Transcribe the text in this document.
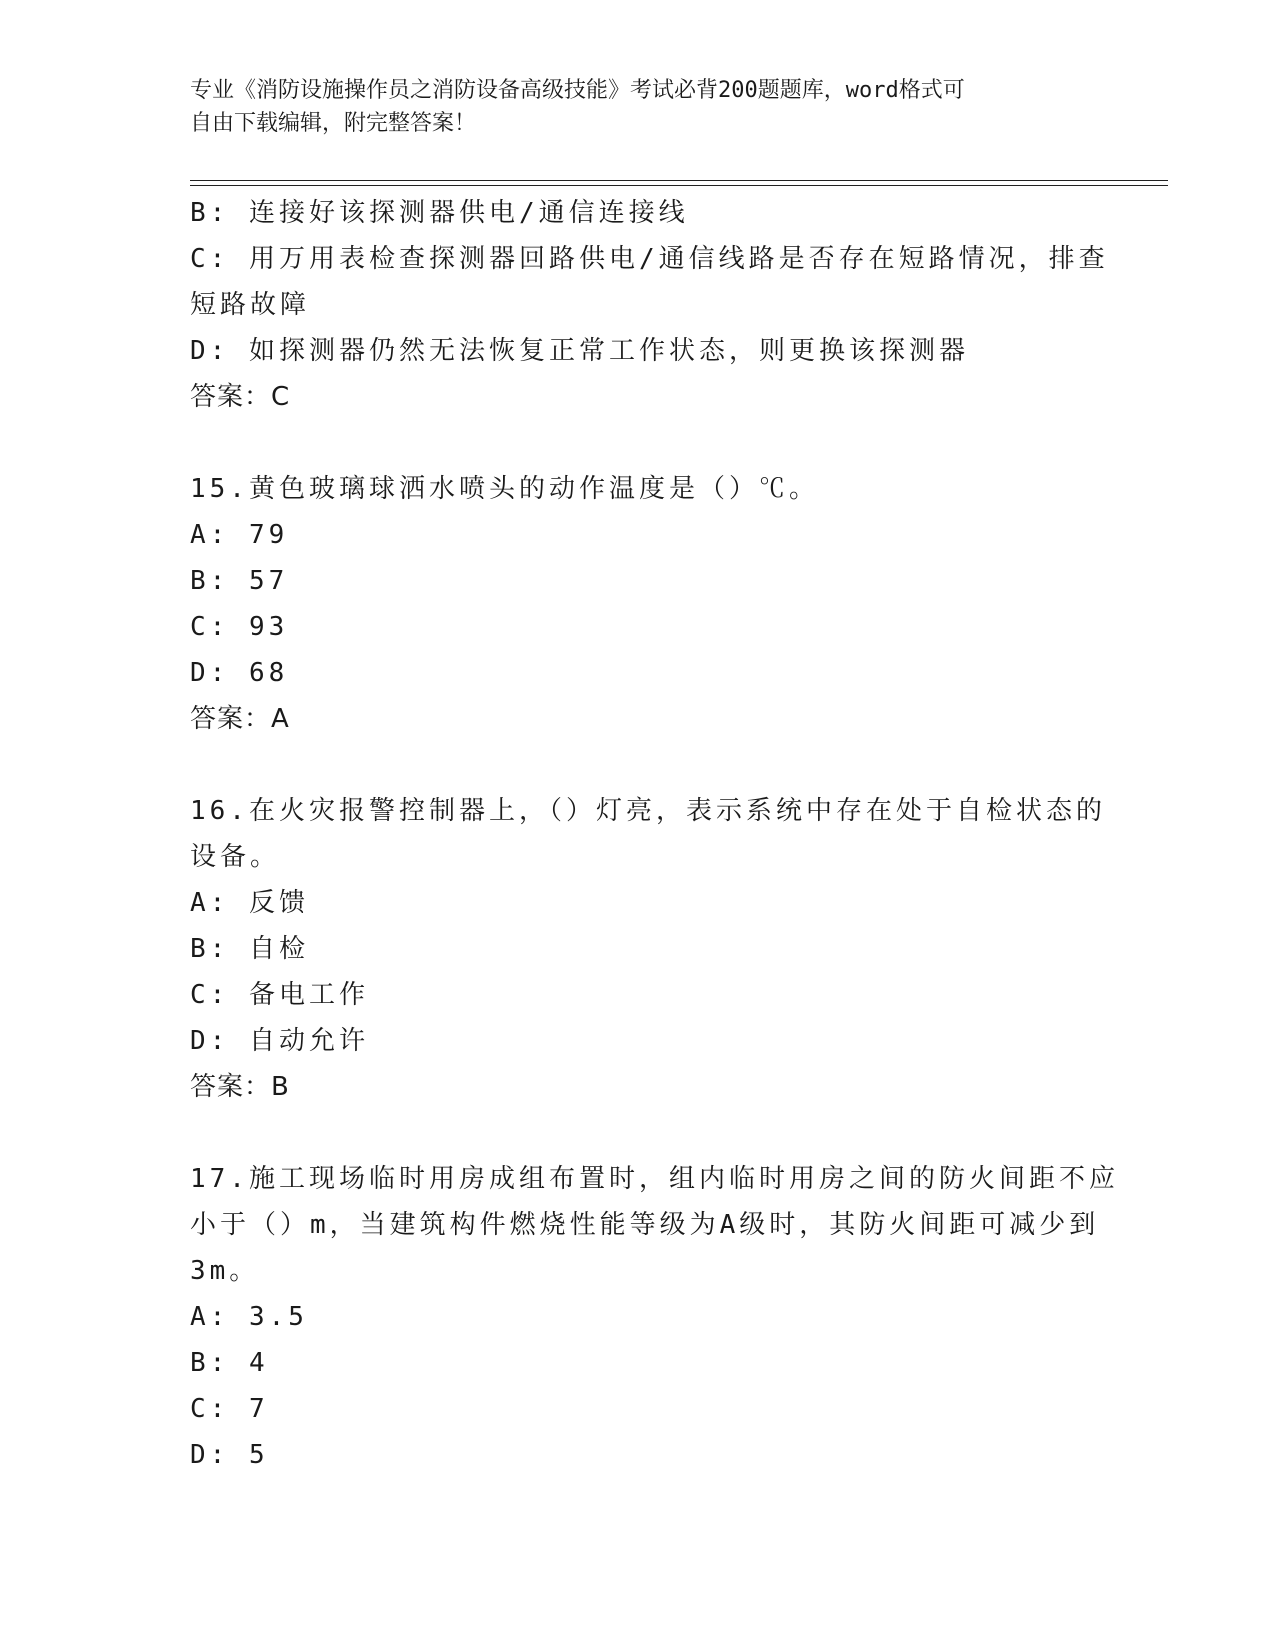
专业《消防设施操作员之消防设备高级技能》考试必背200题题库，word格式可
自由下载编辑，附完整答案！
B: 连接好该探测器供电/通信连接线
C: 用万用表检查探测器回路供电/通信线路是否存在短路情况，排查
短路故障
D: 如探测器仍然无法恢复正常工作状态，则更换该探测器
答案：C
15.黄色玻璃球洒水喷头的动作温度是（）℃。
A: 79
B: 57
C: 93
D: 68
答案：A
16.在火灾报警控制器上，（）灯亮，表示系统中存在处于自检状态的
设备。
A: 反馈
B: 自检
C: 备电工作
D: 自动允许
答案：B
17.施工现场临时用房成组布置时，组内临时用房之间的防火间距不应
小于（）m，当建筑构件燃烧性能等级为A级时，其防火间距可减少到
3m。
A: 3.5
B: 4
C: 7
D: 5
